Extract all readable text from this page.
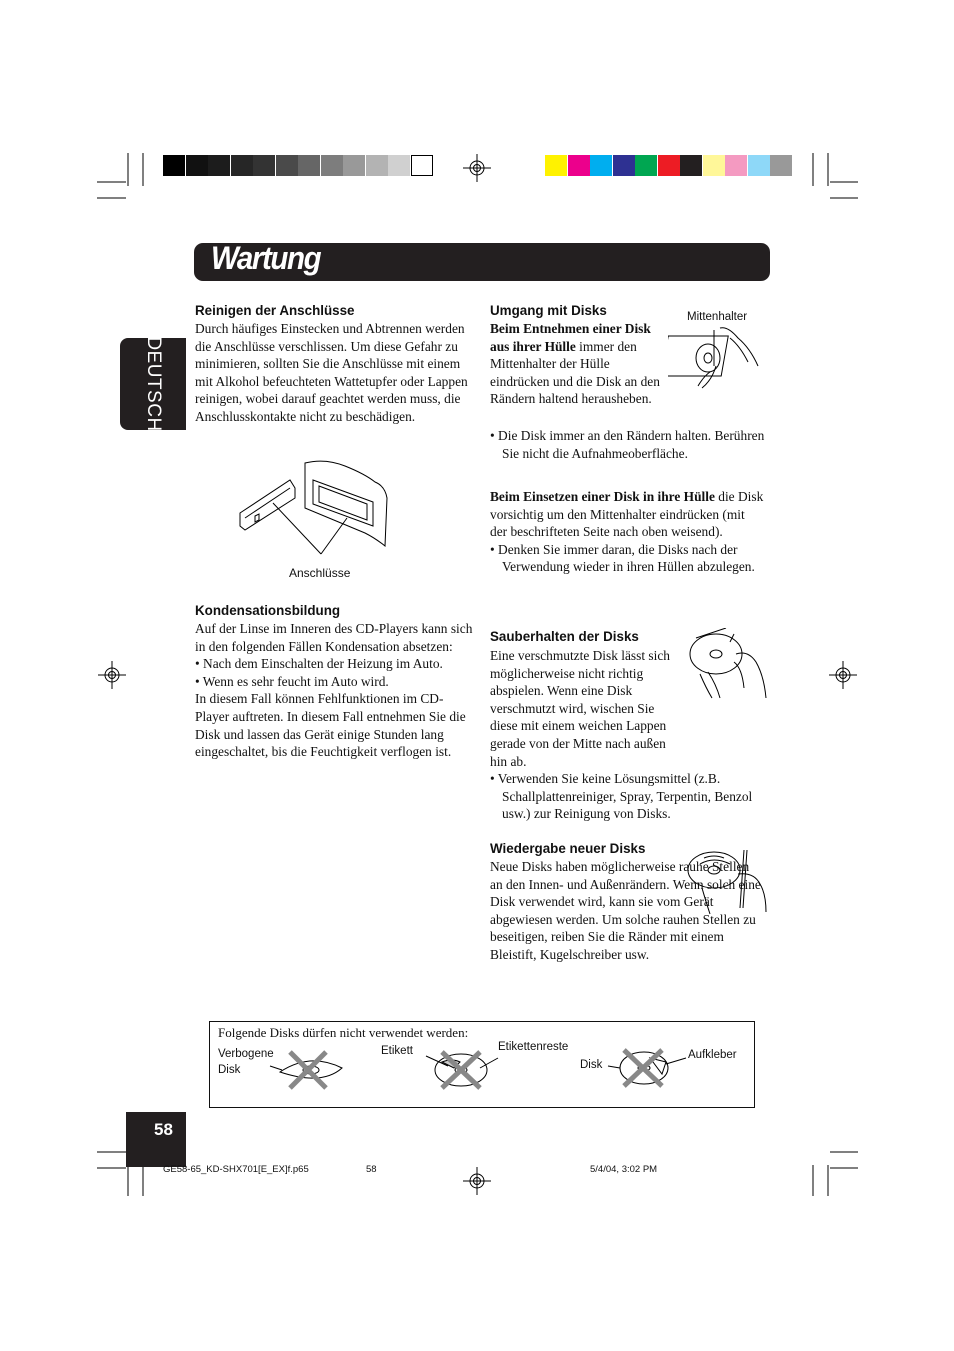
Wartung
DEUTSCH
Reinigen der Anschlüsse

Durch häufiges Einstecken und Abtrennen werden die Anschlüsse verschlissen. Um diese Gefahr zu minimieren, sollten Sie die Anschlüsse mit einem mit Alkohol befeuchteten Wattetupfer oder Lappen reinigen, wobei darauf geachtet werden muss, die Anschlusskontakte nicht zu beschädigen.

Anschlüsse
Kondensationsbildung

Auf der Linse im Inneren des CD-Players kann sich in den folgenden Fällen Kondensation absetzen:

• Nach dem Einschalten der Heizung im Auto.

• Wenn es sehr feucht im Auto wird.

In diesem Fall können Fehlfunktionen im CD-Player auftreten. In diesem Fall entnehmen Sie die Disk und lassen das Gerät einige Stunden lang eingeschaltet, bis die Feuchtigkeit verflogen ist.

Umgang mit Disks	Mittenhalter

Beim Entnehmen einer Disk aus ihrer Hülle immer den Mittenhalter der Hülle eindrücken und die Disk an den Rändern haltend herausheben.

• Die Disk immer an den Rändern halten. Berühren Sie nicht die Aufnahmeoberfläche.

Beim Einsetzen einer Disk in ihre Hülle die Disk vorsichtig um den Mittenhalter eindrücken (mit der beschrifteten Seite nach oben weisend).

• Denken Sie immer daran, die Disks nach der Verwendung wieder in ihren Hüllen abzulegen.

Sauberhalten der Disks

Eine verschmutzte Disk lässt sich möglicherweise nicht richtig abspielen. Wenn eine Disk verschmutzt wird, wischen Sie diese mit einem weichen Lappen gerade von der Mitte nach außen hin ab.

• Verwenden Sie keine Lösungsmittel (z.B. Schallplattenreiniger, Spray, Terpentin, Benzol usw.) zur Reinigung von Disks.

Wiedergabe neuer Disks

Neue Disks haben möglicherweise rauhe Stellen an den Innen- und Außenrändern. Wenn solch eine Disk verwendet wird, kann sie vom Gerät abgewiesen werden. Um solche rauhen Stellen zu beseitigen, reiben Sie die Ränder mit einem Bleistift, Kugelschreiber usw.

Folgende Disks dürfen nicht verwendet werden:
Verbogene
Disk
Etikett	Etikettenreste
Disk
Aufkleber
58
GE58-65_KD-SHX701[E_EX]f.p65	58	5/4/04, 3:02 PM
